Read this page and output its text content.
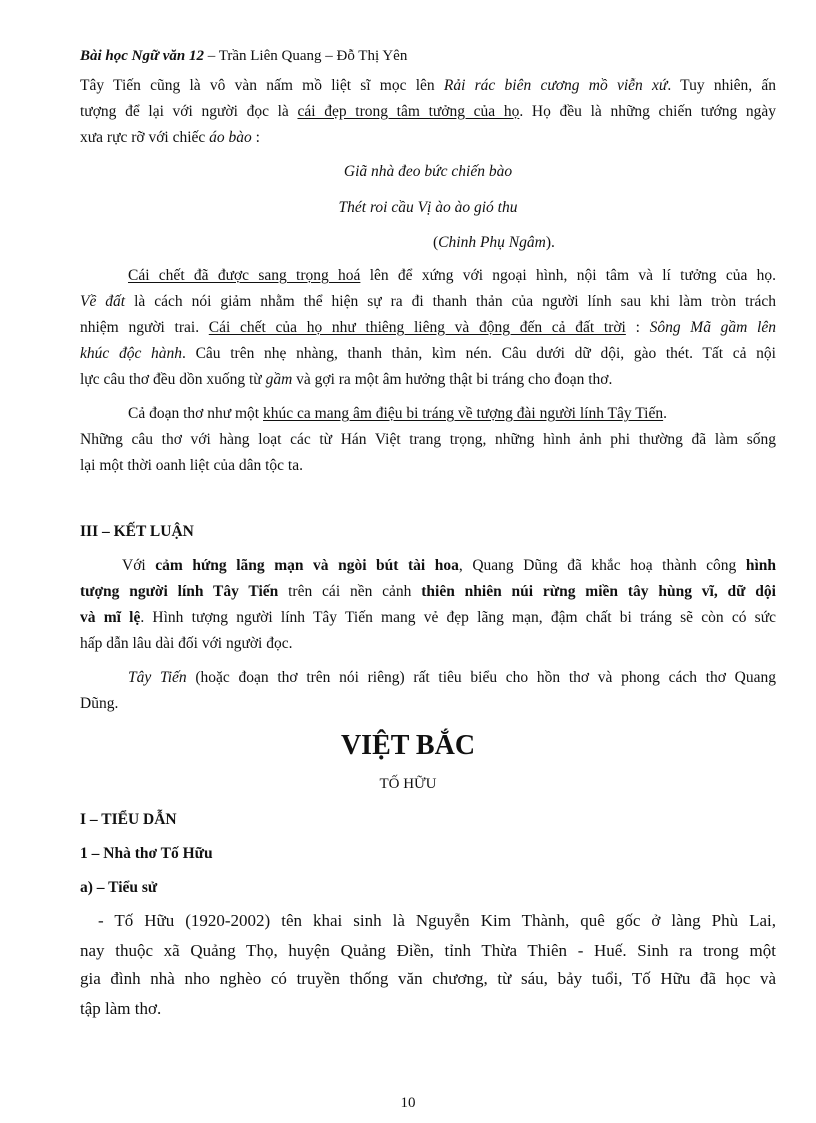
Bài học Ngữ văn 12 – Trần Liên Quang – Đỗ Thị Yên
Tây Tiến cũng là vô vàn nấm mồ liệt sĩ mọc lên Rải rác biên cương mồ viễn xứ. Tuy nhiên, ấn
tượng để lại với người đọc là cái đẹp trong tâm tưởng của họ. Họ đều là những chiến tướng ngày
xưa rực rỡ với chiếc áo bào :
Giã nhà đeo bức chiến bào
Thét roi cầu Vị ào ào gió thu
(Chinh Phụ Ngâm).
Cái chết đã được sang trọng hoá lên để xứng với ngoại hình, nội tâm và lí tưởng của họ.
Về đất là cách nói giảm nhằm thể hiện sự ra đi thanh thản của người lính sau khi làm tròn trách
nhiệm người trai. Cái chết của họ như thiêng liêng và động đến cả đất trời : Sông Mã gầm lên
khúc độc hành. Câu trên nhẹ nhàng, thanh thản, kìm nén. Câu dưới dữ dội, gào thét. Tất cả nội
lực câu thơ đều dồn xuống từ gầm và gợi ra một âm hưởng thật bi tráng cho đoạn thơ.
Cả đoạn thơ như một khúc ca mang âm điệu bi tráng về tượng đài người lính Tây Tiến.
Những câu thơ với hàng loạt các từ Hán Việt trang trọng, những hình ảnh phi thường đã làm sống
lại một thời oanh liệt của dân tộc ta.
III – KẾT LUẬN
Với cảm hứng lãng mạn và ngòi bút tài hoa, Quang Dũng đã khắc hoạ thành công hình
tượng người lính Tây Tiến trên cái nền cảnh thiên nhiên núi rừng miền tây hùng vĩ, dữ dội
và mĩ lệ. Hình tượng người lính Tây Tiến mang vẻ đẹp lãng mạn, đậm chất bi tráng sẽ còn có sức
hấp dẫn lâu dài đối với người đọc.
Tây Tiến (hoặc đoạn thơ trên nói riêng) rất tiêu biểu cho hồn thơ và phong cách thơ Quang
Dũng.
VIỆT BẮC
TỐ HỮU
I – TIỂU DẪN
1 – Nhà thơ Tố Hữu
a) – Tiểu sử
- Tố Hữu (1920-2002) tên khai sinh là Nguyễn Kim Thành, quê gốc ở làng Phù Lai,
nay thuộc xã Quảng Thọ, huyện Quảng Điền, tỉnh Thừa Thiên - Huế. Sinh ra trong một
gia đình nhà nho nghèo có truyền thống văn chương, từ sáu, bảy tuổi, Tố Hữu đã học và
tập làm thơ.
10
